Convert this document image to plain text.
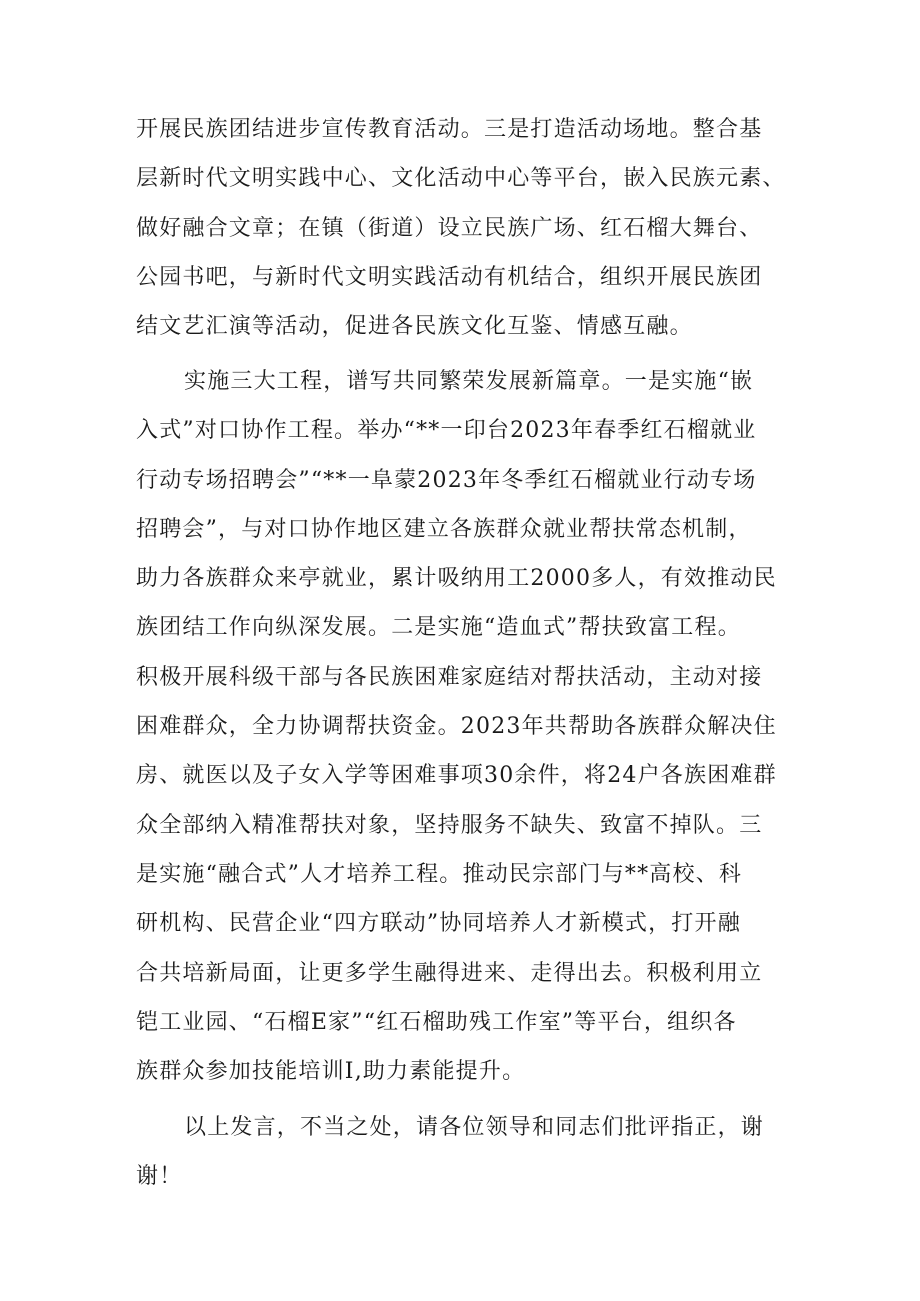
开展民族团结进步宣传教育活动。三是打造活动场地。整合基
层新时代文明实践中心、文化活动中心等平台，嵌入民族元素、
做好融合文章；在镇（街道）设立民族广场、红石榴大舞台、
公园书吧，与新时代文明实践活动有机结合，组织开展民族团
结文艺汇演等活动，促进各民族文化互鉴、情感互融。

实施三大工程，谱写共同繁荣发展新篇章。一是实施“嵌
入式”对口协作工程。举办“**一印台2023年春季红石榴就业
行动专场招聘会”“**一阜蒙2023年冬季红石榴就业行动专场
招聘会”，与对口协作地区建立各族群众就业帮扶常态机制，
助力各族群众来亭就业，累计吸纳用工2000多人，有效推动民
族团结工作向纵深发展。二是实施“造血式”帮扶致富工程。
积极开展科级干部与各民族困难家庭结对帮扶活动，主动对接
困难群众，全力协调帮扶资金。2023年共帮助各族群众解决住
房、就医以及子女入学等困难事项30余件，将24户各族困难群
众全部纳入精准帮扶对象，坚持服务不缺失、致富不掉队。三
是实施“融合式”人才培养工程。推动民宗部门与**高校、科
研机构、民营企业“四方联动”协同培养人才新模式，打开融
合共培新局面，让更多学生融得进来、走得出去。积极利用立
铠工业园、“石榴E家”“红石榴助残工作室”等平台，组织各
族群众参加技能培训I,助力素能提升。

以上发言，不当之处，请各位领导和同志们批评指正，谢
谢！
